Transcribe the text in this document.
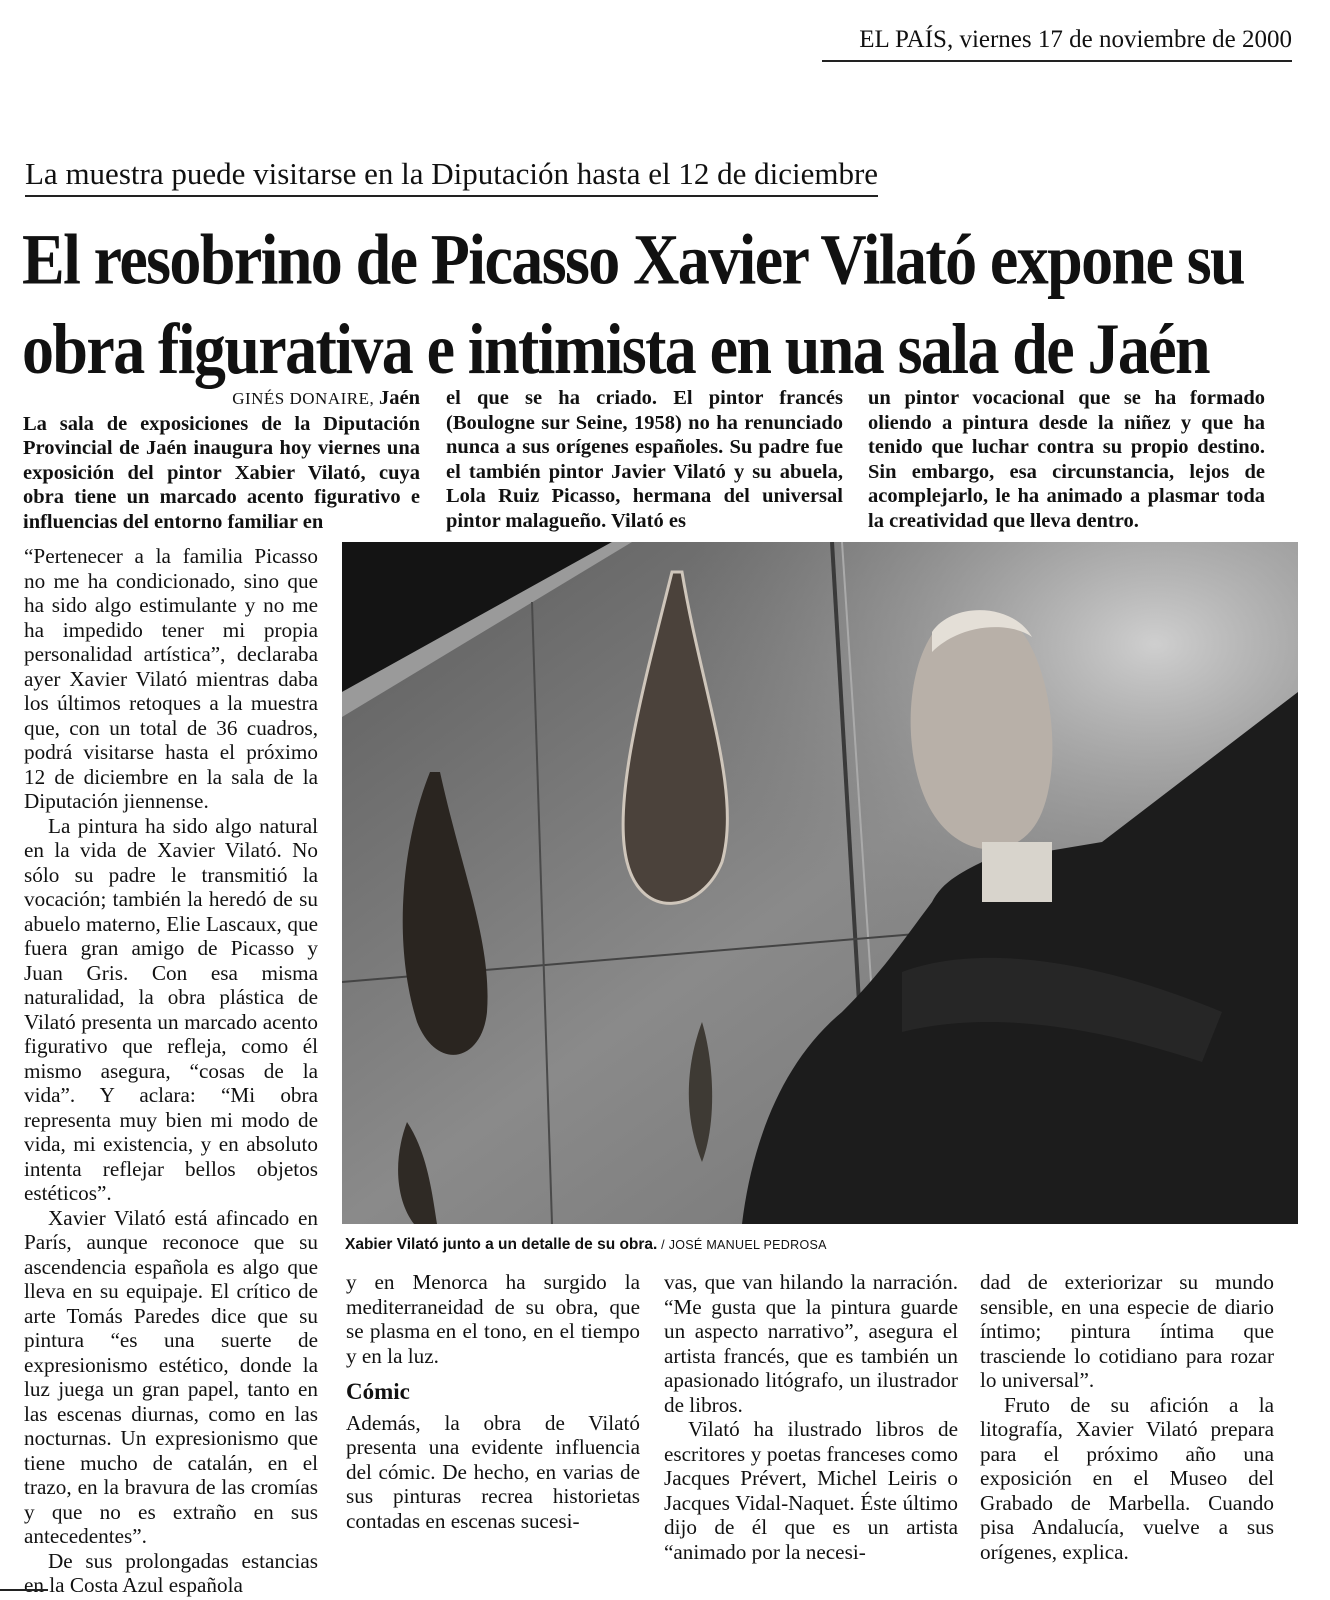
EL PAÍS, viernes 17 de noviembre de 2000
La muestra puede visitarse en la Diputación hasta el 12 de diciembre
El resobrino de Picasso Xavier Vilató expone su
obra figurativa e intimista en una sala de Jaén
GINÉS DONAIRE, Jaén

La sala de exposiciones de la Diputación Provincial de Jaén inaugura hoy viernes una exposición del pintor Xabier Vilató, cuya obra tiene un marcado acento figurativo e influencias del entorno familiar en

el que se ha criado. El pintor francés (Boulogne sur Seine, 1958) no ha renunciado nunca a sus orígenes españoles. Su padre fue el también pintor Javier Vilató y su abuela, Lola Ruiz Picasso, hermana del universal pintor malagueño. Vilató es

un pintor vocacional que se ha formado oliendo a pintura desde la niñez y que ha tenido que luchar contra su propio destino. Sin embargo, esa circunstancia, lejos de acomplejarlo, le ha animado a plasmar toda la creatividad que lleva dentro.

“Pertenecer a la familia Picasso no me ha condicionado, sino que ha sido algo estimulante y no me ha impedido tener mi propia personalidad artística”, declaraba ayer Xavier Vilató mientras daba los últimos retoques a la muestra que, con un total de 36 cuadros, podrá visitarse hasta el próximo 12 de diciembre en la sala de la Diputación jiennense.

La pintura ha sido algo natural en la vida de Xavier Vilató. No sólo su padre le transmitió la vocación; también la heredó de su abuelo materno, Elie Lascaux, que fuera gran amigo de Picasso y Juan Gris. Con esa misma naturalidad, la obra plástica de Vilató presenta un marcado acento figurativo que refleja, como él mismo asegura, “cosas de la vida”. Y aclara: “Mi obra representa muy bien mi modo de vida, mi existencia, y en absoluto intenta reflejar bellos objetos estéticos”.

Xavier Vilató está afincado en París, aunque reconoce que su ascendencia española es algo que lleva en su equipaje. El crítico de arte Tomás Paredes dice que su pintura “es una suerte de expresionismo estético, donde la luz juega un gran papel, tanto en las escenas diurnas, como en las nocturnas. Un expresionismo que tiene mucho de catalán, en el trazo, en la bravura de las cromías y que no es extraño en sus antecedentes”.

De sus prolongadas estancias en la Costa Azul española

Xabier Vilató junto a un detalle de su obra. / JOSÉ MANUEL PEDROSA

y en Menorca ha surgido la mediterraneidad de su obra, que se plasma en el tono, en el tiempo y en la luz.

Cómic

Además, la obra de Vilató presenta una evidente influencia del cómic. De hecho, en varias de sus pinturas recrea historietas contadas en escenas sucesi-

vas, que van hilando la narración. “Me gusta que la pintura guarde un aspecto narrativo”, asegura el artista francés, que es también un apasionado litógrafo, un ilustrador de libros.

Vilató ha ilustrado libros de escritores y poetas franceses como Jacques Prévert, Michel Leiris o Jacques Vidal-Naquet. Éste último dijo de él que es un artista “animado por la necesi-

dad de exteriorizar su mundo sensible, en una especie de diario íntimo; pintura íntima que trasciende lo cotidiano para rozar lo universal”.

Fruto de su afición a la litografía, Xavier Vilató prepara para el próximo año una exposición en el Museo del Grabado de Marbella. Cuando pisa Andalucía, vuelve a sus orígenes, explica.
